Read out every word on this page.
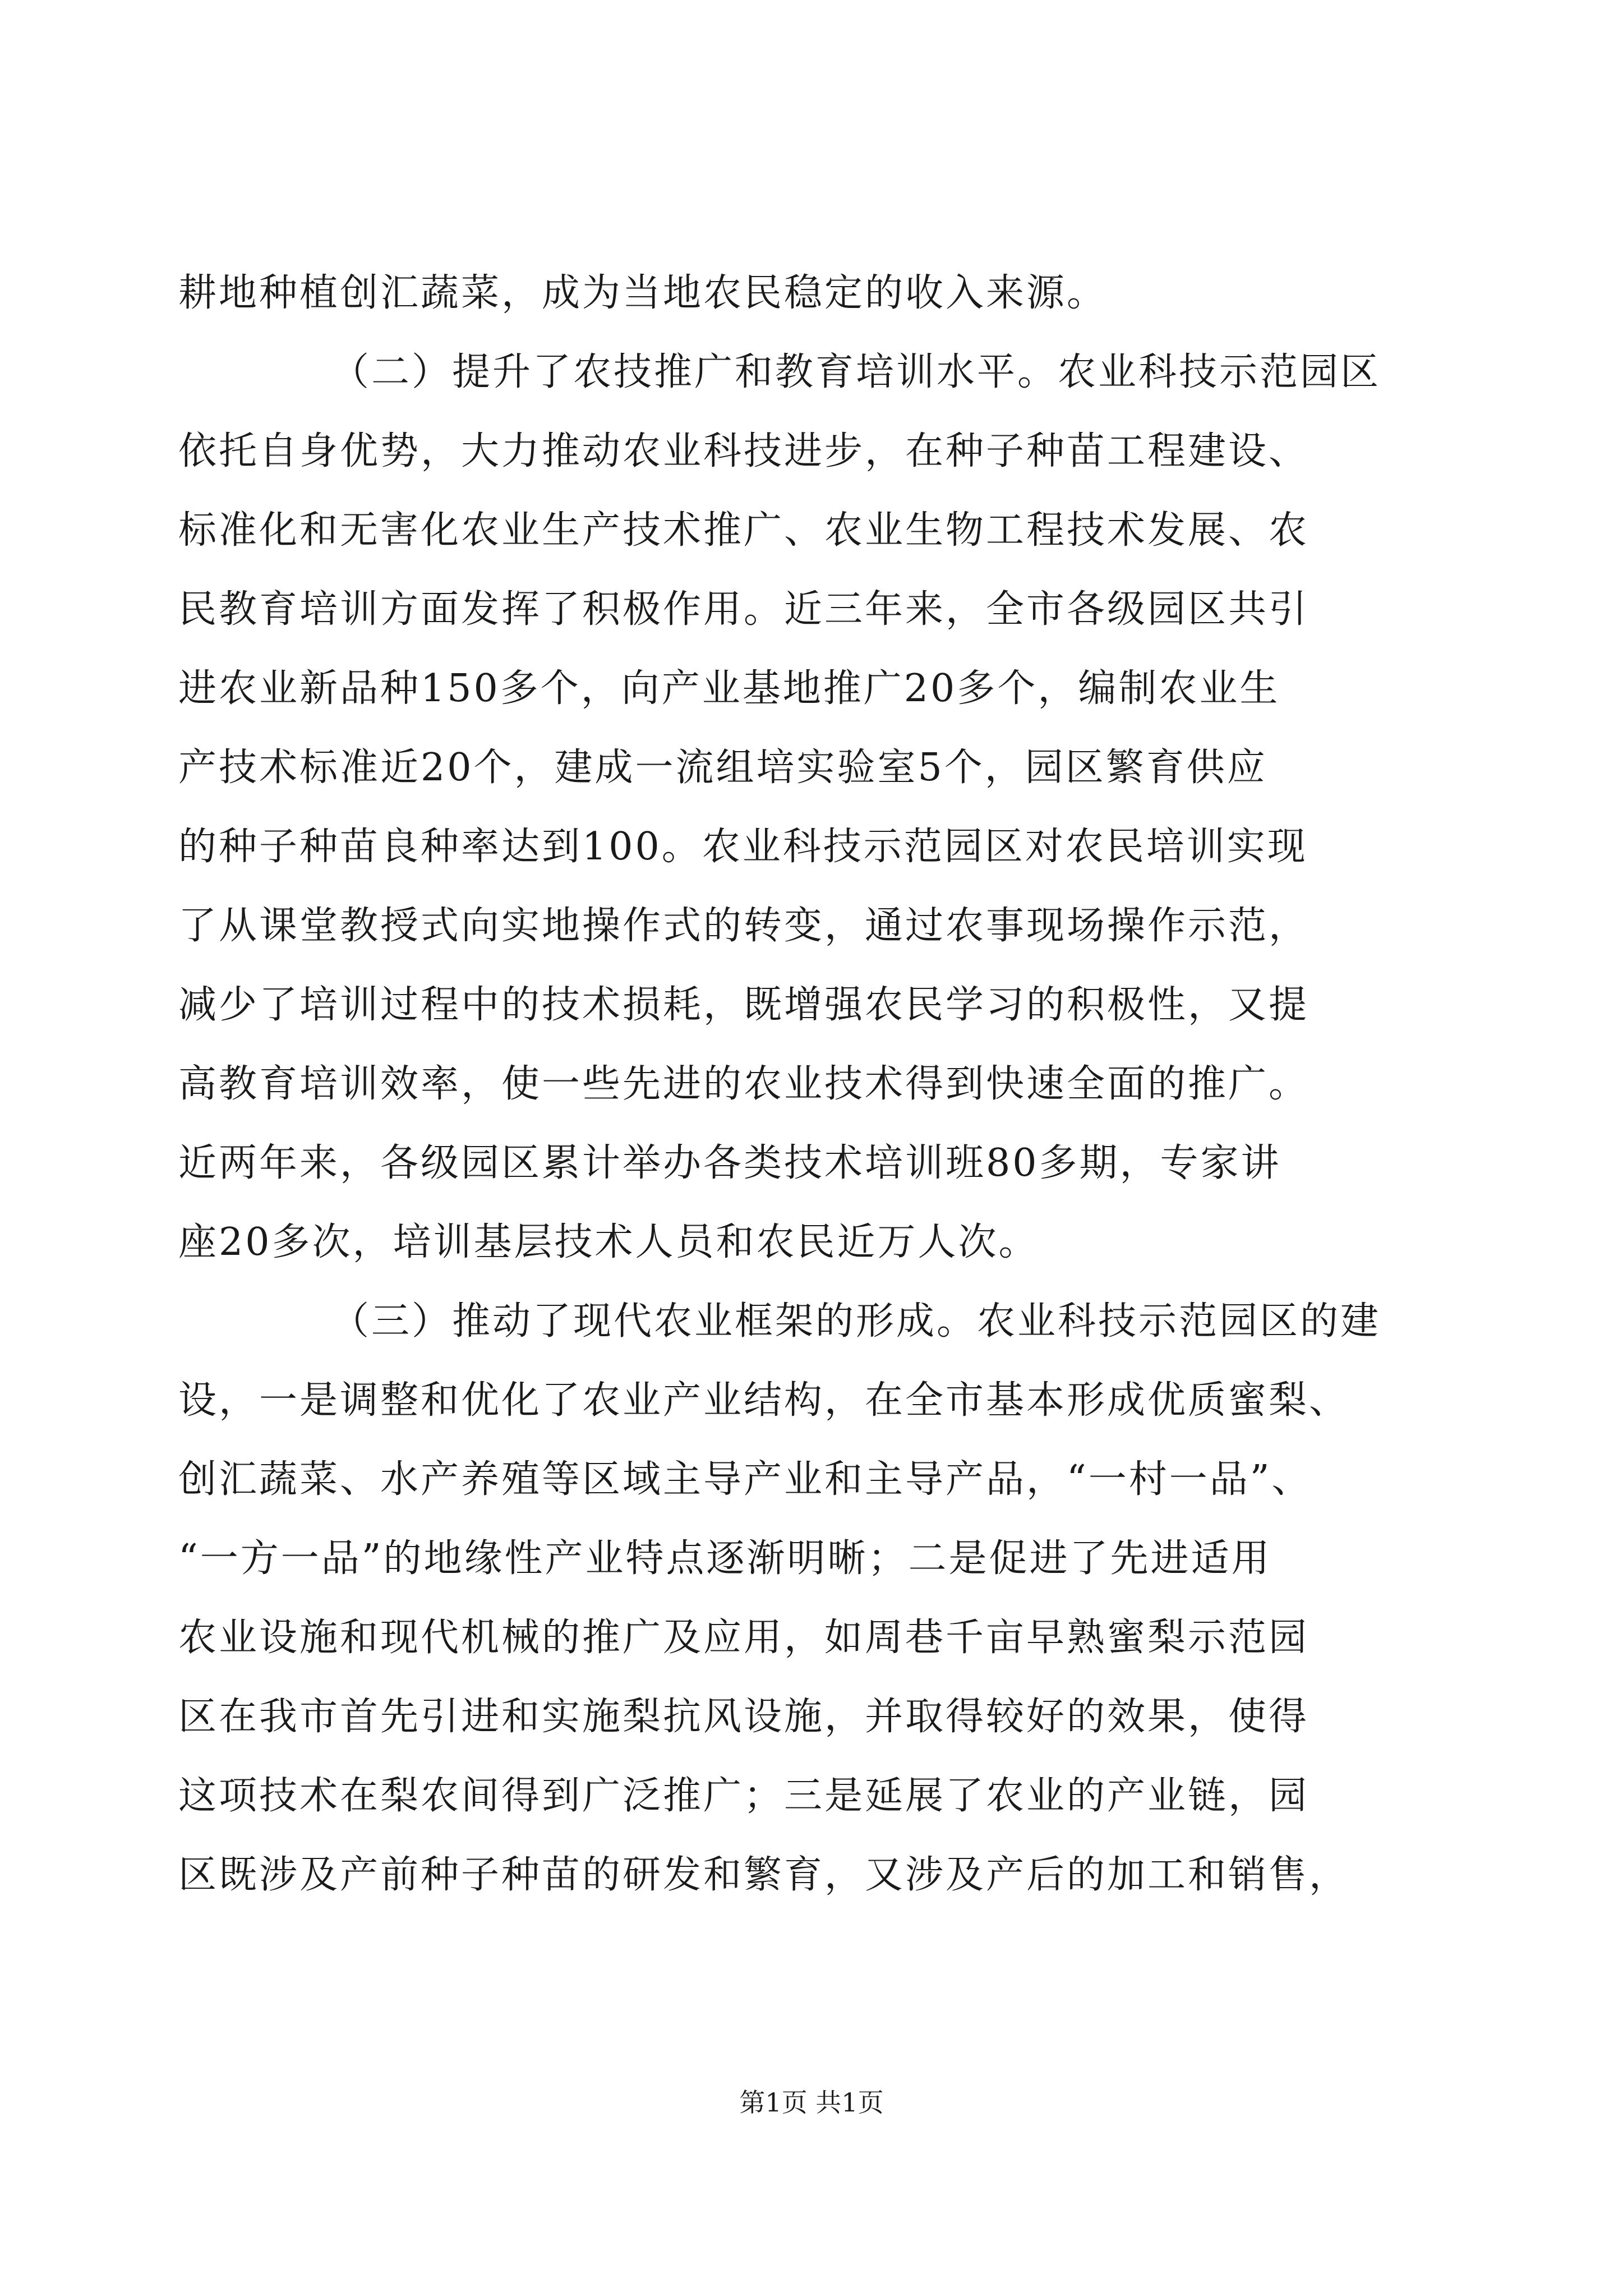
耕地种植创汇蔬菜，成为当地农民稳定的收入来源。
（二）提升了农技推广和教育培训水平。农业科技示范园区
依托自身优势，大力推动农业科技进步，在种子种苗工程建设、
标准化和无害化农业生产技术推广、农业生物工程技术发展、农
民教育培训方面发挥了积极作用。近三年来，全市各级园区共引
进农业新品种150多个，向产业基地推广20多个，编制农业生
产技术标准近20个，建成一流组培实验室5个，园区繁育供应
的种子种苗良种率达到100。农业科技示范园区对农民培训实现
了从课堂教授式向实地操作式的转变，通过农事现场操作示范，
减少了培训过程中的技术损耗，既增强农民学习的积极性，又提
高教育培训效率，使一些先进的农业技术得到快速全面的推广。
近两年来，各级园区累计举办各类技术培训班80多期，专家讲
座20多次，培训基层技术人员和农民近万人次。
（三）推动了现代农业框架的形成。农业科技示范园区的建
设，一是调整和优化了农业产业结构，在全市基本形成优质蜜梨、
创汇蔬菜、水产养殖等区域主导产业和主导产品，“一村一品”、
“一方一品”的地缘性产业特点逐渐明晰；二是促进了先进适用
农业设施和现代机械的推广及应用，如周巷千亩早熟蜜梨示范园
区在我市首先引进和实施梨抗风设施，并取得较好的效果，使得
这项技术在梨农间得到广泛推广；三是延展了农业的产业链，园
区既涉及产前种子种苗的研发和繁育，又涉及产后的加工和销售，
第1页 共1页
